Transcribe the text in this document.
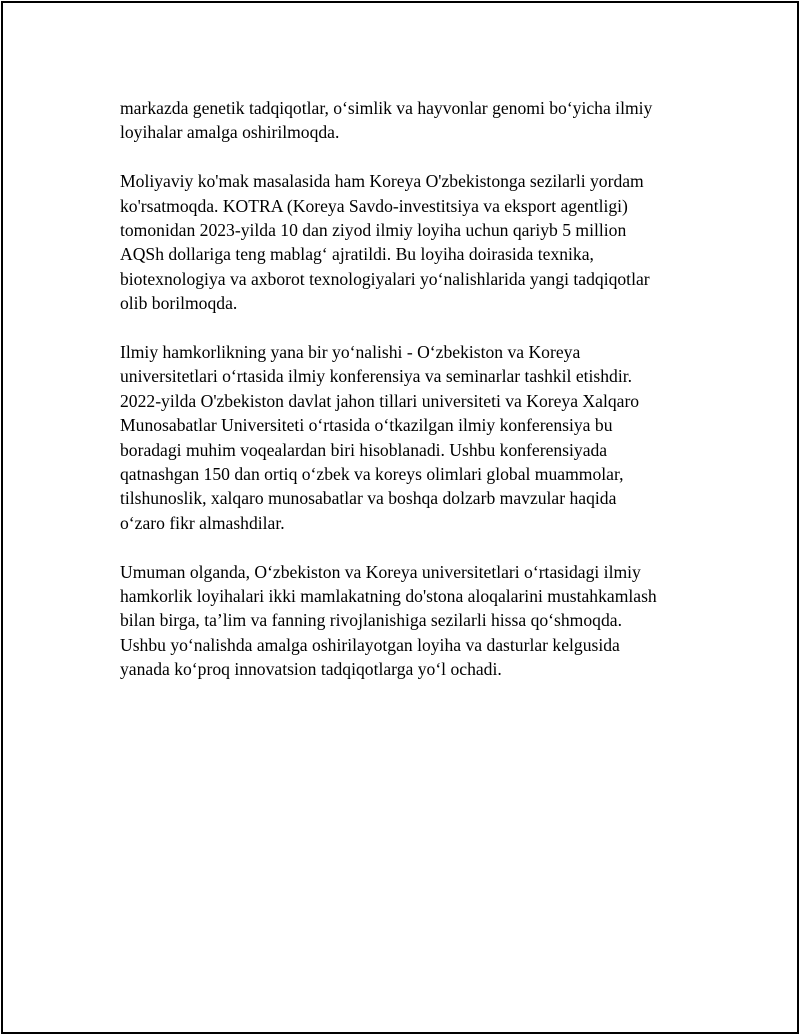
markazda genetik tadqiqotlar, o‘simlik va hayvonlar genomi bo‘yicha ilmiy
loyihalar amalga oshirilmoqda.

Moliyaviy ko'mak masalasida ham Koreya O'zbekistonga sezilarli yordam
ko'rsatmoqda. KOTRA (Koreya Savdo-investitsiya va eksport agentligi)
tomonidan 2023-yilda 10 dan ziyod ilmiy loyiha uchun qariyb 5 million
AQSh dollariga teng mablag‘ ajratildi. Bu loyiha doirasida texnika,
biotexnologiya va axborot texnologiyalari yo‘nalishlarida yangi tadqiqotlar
olib borilmoqda.

Ilmiy hamkorlikning yana bir yo‘nalishi - O‘zbekiston va Koreya
universitetlari o‘rtasida ilmiy konferensiya va seminarlar tashkil etishdir.
2022-yilda O'zbekiston davlat jahon tillari universiteti va Koreya Xalqaro
Munosabatlar Universiteti o‘rtasida o‘tkazilgan ilmiy konferensiya bu
boradagi muhim voqealardan biri hisoblanadi. Ushbu konferensiyada
qatnashgan 150 dan ortiq o‘zbek va koreys olimlari global muammolar,
tilshunoslik, xalqaro munosabatlar va boshqa dolzarb mavzular haqida
o‘zaro fikr almashdilar.

Umuman olganda, O‘zbekiston va Koreya universitetlari o‘rtasidagi ilmiy
hamkorlik loyihalari ikki mamlakatning do'stona aloqalarini mustahkamlash
bilan birga, ta’lim va fanning rivojlanishiga sezilarli hissa qo‘shmoqda.
Ushbu yo‘nalishda amalga oshirilayotgan loyiha va dasturlar kelgusida
yanada ko‘proq innovatsion tadqiqotlarga yo‘l ochadi.
